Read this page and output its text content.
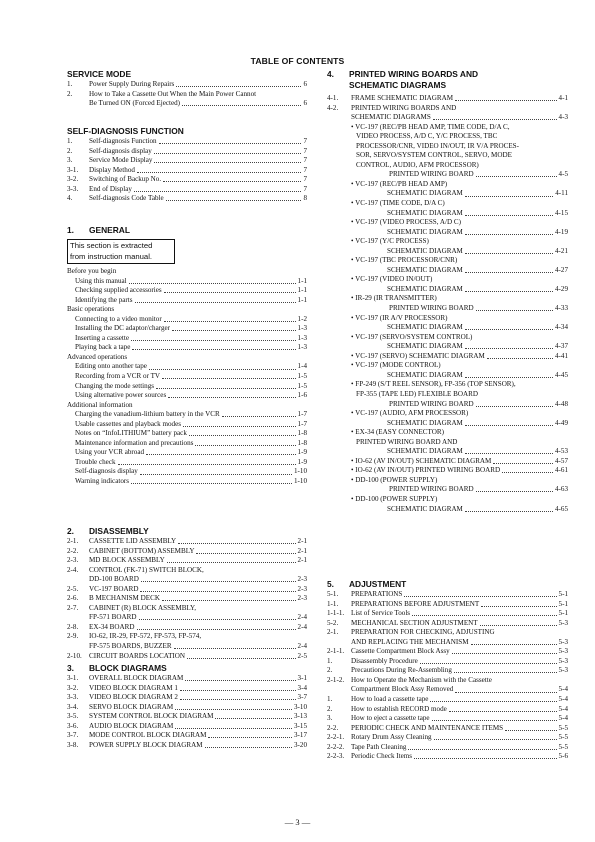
TABLE OF CONTENTS
SERVICE MODE
1.	Power Supply During Repairs	6
2.	How to Take a Cassette Out When the Main Power Cannot
Be Turned ON (Forced Ejected)	6
SELF-DIAGNOSIS FUNCTION
1.	Self-diagnosis Function	7
2.	Self-diagnosis display	7
3.	Service Mode Display	7
3-1.	Display Method	7
3-2.	Switching of Backup No.	7
3-3.	End of Display	7
4.	Self-diagnosis Code Table	8
1. GENERAL
This section is extracted
from instruction manual.
Before you begin
Using this manual	1-1
Checking supplied accessories	1-1
Identifying the parts	1-1
Basic operations
Connecting to a video monitor	1-2
Installing the DC adaptor/charger	1-3
Inserting a cassette	1-3
Playing back a tape	1-3
Advanced operations
Editing onto another tape	1-4
Recording from a VCR or TV	1-5
Changing the mode settings	1-5
Using alternative power sources	1-6
Additional information
Charging the vanadium-lithium battery in the VCR	1-7
Usable cassettes and playback modes	1-7
Notes on “InfoLITHIUM” battery pack	1-8
Maintenance information and precautions	1-8
Using your VCR abroad	1-9
Trouble check	1-9
Self-diagnosis display	1-10
Warning indicators	1-10
2. DISASSEMBLY
2-1.	CASSETTE LID ASSEMBLY	2-1
2-2.	CABINET (BOTTOM) ASSEMBLY	2-1
2-3.	MD BLOCK ASSEMBLY	2-1
2-4.	CONTROL (FK-71) SWITCH BLOCK,
DD-100 BOARD	2-3
2-5.	VC-197 BOARD	2-3
2-6.	B MECHANISM DECK	2-3
2-7.	CABINET (R) BLOCK ASSEMBLY,
FP-571 BOARD	2-4
2-8.	EX-34 BOARD	2-4
2-9.	IO-62, IR-29, FP-572, FP-573, FP-574,
FP-575 BOARDS, BUZZER	2-4
2-10.	CIRCUIT BOARDS LOCATION	2-5
3. BLOCK DIAGRAMS
3-1.	OVERALL BLOCK DIAGRAM	3-1
3-2.	VIDEO BLOCK DIAGRAM 1	3-4
3-3.	VIDEO BLOCK DIAGRAM 2	3-7
3-4.	SERVO BLOCK DIAGRAM	3-10
3-5.	SYSTEM CONTROL BLOCK DIAGRAM	3-13
3-6.	AUDIO BLOCK DIAGRAM	3-15
3-7.	MODE CONTROL BLOCK DIAGRAM	3-17
3-8.	POWER SUPPLY BLOCK DIAGRAM	3-20
4. PRINTED WIRING BOARDS AND
SCHEMATIC DIAGRAMS
4-1.	FRAME SCHEMATIC DIAGRAM	4-1
4-2.	PRINTED WIRING BOARDS AND
SCHEMATIC DIAGRAMS	4-3
• VC-197 (REC/PB HEAD AMP, TIME CODE, D/A C,
VIDEO PROCESS, A/D C, Y/C PROCESS, TBC
PROCESSOR/CNR, VIDEO IN/OUT, IR V/A PROCES-
SOR, SERVO/SYSTEM CONTROL, SERVO, MODE
CONTROL, AUDIO, AFM PROCESSOR)
PRINTED WIRING BOARD	4-5
• VC-197 (REC/PB HEAD AMP)
SCHEMATIC DIAGRAM	4-11
• VC-197 (TIME CODE, D/A C)
SCHEMATIC DIAGRAM	4-15
• VC-197 (VIDEO PROCESS, A/D C)
SCHEMATIC DIAGRAM	4-19
• VC-197 (Y/C PROCESS)
SCHEMATIC DIAGRAM	4-21
• VC-197 (TBC PROCESSOR/CNR)
SCHEMATIC DIAGRAM	4-27
• VC-197 (VIDEO IN/OUT)
SCHEMATIC DIAGRAM	4-29
• IR-29 (IR TRANSMITTER)
PRINTED WIRING BOARD	4-33
• VC-197 (IR A/V PROCESSOR)
SCHEMATIC DIAGRAM	4-34
• VC-197 (SERVO/SYSTEM CONTROL)
SCHEMATIC DIAGRAM	4-37
• VC-197 (SERVO) SCHEMATIC DIAGRAM	4-41
• VC-197 (MODE CONTROL)
SCHEMATIC DIAGRAM	4-45
• FP-249 (S/T REEL SENSOR), FP-356 (TOP SENSOR),
FP-355 (TAPE LED) FLEXIBLE BOARD
PRINTED WIRING BOARD	4-48
• VC-197 (AUDIO, AFM PROCESSOR)
SCHEMATIC DIAGRAM	4-49
• EX-34 (EASY CONNECTOR)
PRINTED WIRING BOARD AND
SCHEMATIC DIAGRAM	4-53
• IO-62 (AV IN/OUT) SCHEMATIC DIAGRAM	4-57
• IO-62 (AV IN/OUT) PRINTED WIRING BOARD	4-61
• DD-100 (POWER SUPPLY)
PRINTED WIRING BOARD	4-63
• DD-100 (POWER SUPPLY)
SCHEMATIC DIAGRAM	4-65
5. ADJUSTMENT
5-1.	PREPARATIONS	5-1
1-1.	PREPARATIONS BEFORE ADJUSTMENT	5-1
1-1-1. List of Service Tools	5-1
5-2.	MECHANICAL SECTION ADJUSTMENT	5-3
2-1.	PREPARATION FOR CHECKING, ADJUSTING
AND REPLACING THE MECHANISM	5-3
2-1-1. Cassette Compartment Block Assy	5-3
1.	Disassembly Procedure	5-3
2.	Precautions During Re-Assembling	5-3
2-1-2. How to Operate the Mechanism with the Cassette
Compartment Block Assy Removed	5-4
1.	How to load a cassette tape	5-4
2.	How to establish RECORD mode	5-4
3.	How to eject a cassette tape	5-4
2-2.	PERIODIC CHECK AND MAINTENANCE ITEMS	5-5
2-2-1. Rotary Drum Assy Cleaning	5-5
2-2-2. Tape Path Cleaning	5-5
2-2-3. Periodic Check Items	5-6
— 3 —
